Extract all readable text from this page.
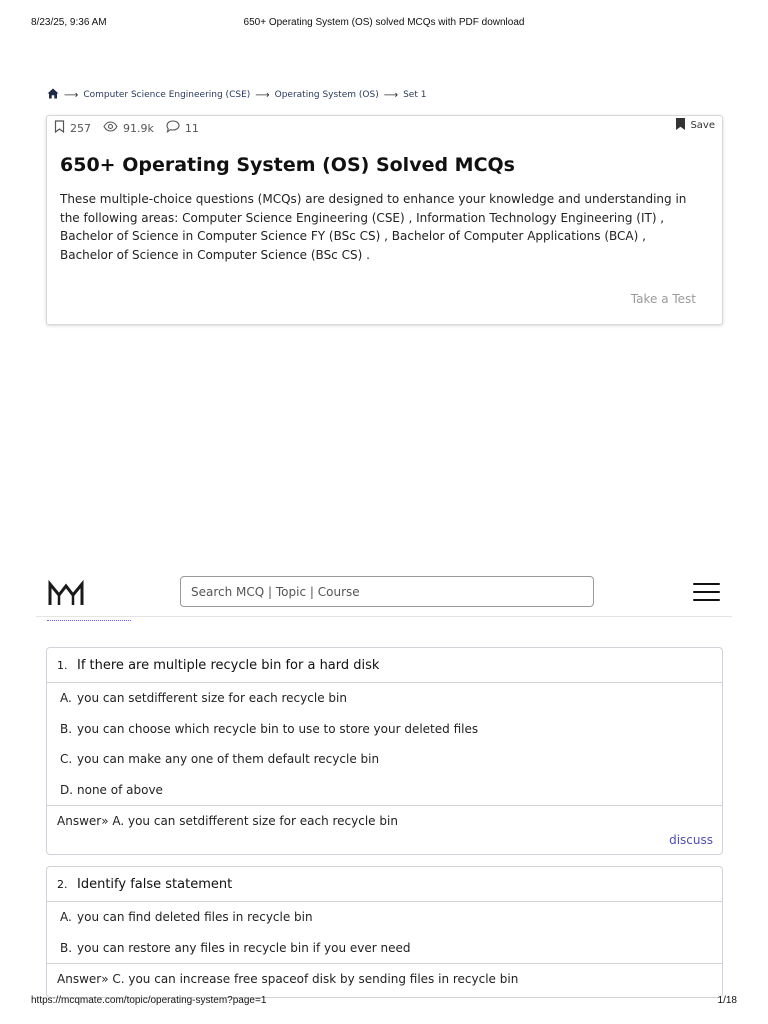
8/23/25, 9:36 AM	650+ Operating System (OS) solved MCQs with PDF download
⟶ Computer Science Engineering (CSE) ⟶ Operating System (OS) ⟶ Set 1
257	91.9k	11	Save
650+ Operating System (OS) Solved MCQs

These multiple-choice questions (MCQs) are designed to enhance your knowledge and understanding in the following areas: Computer Science Engineering (CSE) , Information Technology Engineering (IT) , Bachelor of Science in Computer Science FY (BSc CS) , Bachelor of Computer Applications (BCA) , Bachelor of Science in Computer Science (BSc CS) .

Take a Test
Search MCQ | Topic | Course
1. If there are multiple recycle bin for a hard disk
A. you can setdifferent size for each recycle bin
B. you can choose which recycle bin to use to store your deleted files
C. you can make any one of them default recycle bin
D. none of above
Answer» A. you can setdifferent size for each recycle bin
discuss
2. Identify false statement
A. you can find deleted files in recycle bin
B. you can restore any files in recycle bin if you ever need
Answer» C. you can increase free spaceof disk by sending files in recycle bin
https://mcqmate.com/topic/operating-system?page=1	1/18
